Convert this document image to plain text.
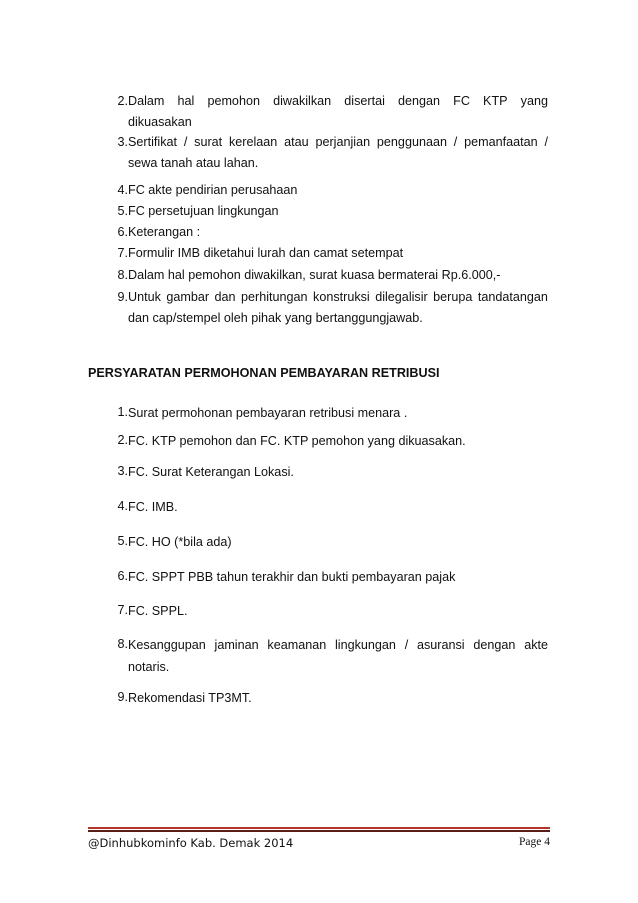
2. Dalam hal pemohon diwakilkan disertai dengan FC KTP yang
dikuasakan
3. Sertifikat / surat kerelaan atau perjanjian penggunaan / pemanfaatan /
sewa tanah atau lahan.
4. FC akte pendirian perusahaan
5. FC persetujuan lingkungan
6. Keterangan :
7. Formulir IMB diketahui lurah dan camat setempat
8. Dalam hal pemohon diwakilkan, surat kuasa bermaterai Rp.6.000,-
9. Untuk gambar dan perhitungan konstruksi dilegalisir berupa tandatangan
dan cap/stempel oleh pihak yang bertanggungjawab.
PERSYARATAN PERMOHONAN PEMBAYARAN RETRIBUSI
1. Surat permohonan pembayaran retribusi menara .
2. FC. KTP pemohon dan FC. KTP pemohon yang dikuasakan.
3. FC. Surat Keterangan Lokasi.
4. FC. IMB.
5. FC. HO (*bila ada)
6. FC. SPPT PBB tahun terakhir dan bukti pembayaran pajak
7. FC. SPPL.
8. Kesanggupan jaminan keamanan lingkungan / asuransi dengan akte
notaris.
9. Rekomendasi TP3MT.
@Dinhubkominfo Kab. Demak 2014	Page 4
